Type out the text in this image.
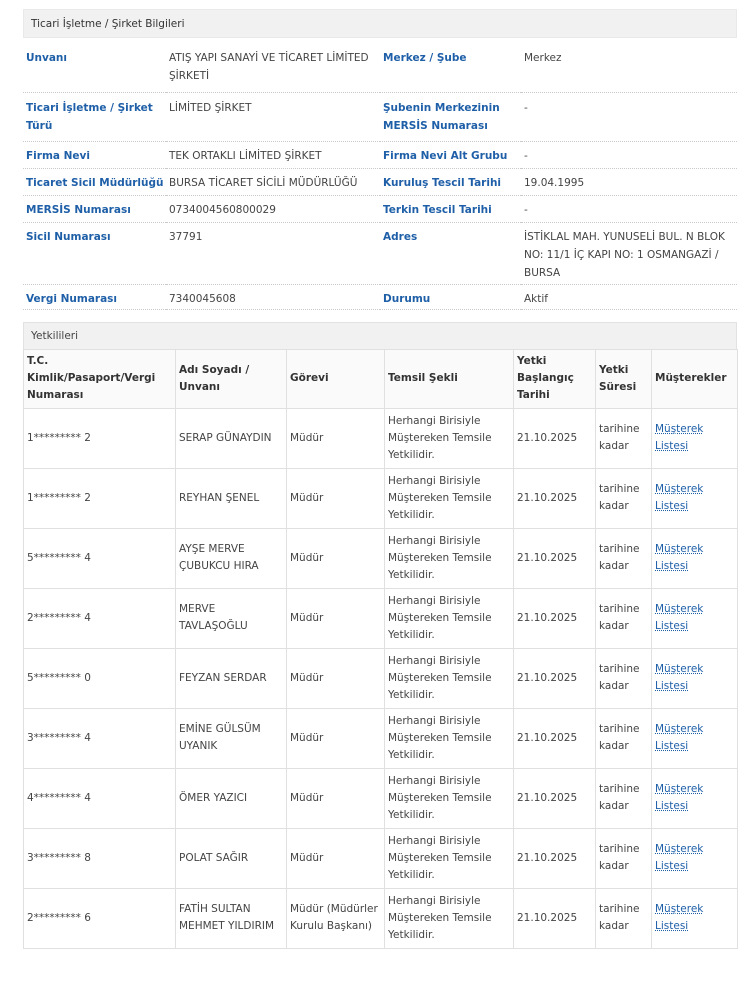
Ticari İşletme / Şirket Bilgileri
Unvanı	ATIŞ YAPI SANAYİ VE TİCARET LİMİTED ŞİRKETİ	Merkez / Şube	Merkez
Ticari İşletme / Şirket Türü	LİMİTED ŞİRKET	Şubenin Merkezinin MERSİS Numarası	-
Firma Nevi	TEK ORTAKLI LİMİTED ŞİRKET	Firma Nevi Alt Grubu	-
Ticaret Sicil Müdürlüğü	BURSA TİCARET SİCİLİ MÜDÜRLÜĞÜ	Kuruluş Tescil Tarihi	19.04.1995
MERSİS Numarası	0734004560800029	Terkin Tescil Tarihi	-
Sicil Numarası	37791	Adres	İSTİKLAL MAH. YUNUSELİ BUL. N BLOK NO: 11/1 İÇ KAPI NO: 1 OSMANGAZİ / BURSA
Vergi Numarası	7340045608	Durumu	Aktif
Yetkilileri
T.C. Kimlik/Pasaport/Vergi Numarası	Adı Soyadı / Unvanı	Görevi	Temsil Şekli	Yetki Başlangıç Tarihi	Yetki Süresi	Müşterekler
1********* 2	SERAP GÜNAYDIN	Müdür	Herhangi Birisiyle Müştereken Temsile Yetkilidir.	21.10.2025	tarihine kadar	Müşterek Listesi
1********* 2	REYHAN ŞENEL	Müdür	Herhangi Birisiyle Müştereken Temsile Yetkilidir.	21.10.2025	tarihine kadar	Müşterek Listesi
5********* 4	AYŞE MERVE ÇUBUKCU HIRA	Müdür	Herhangi Birisiyle Müştereken Temsile Yetkilidir.	21.10.2025	tarihine kadar	Müşterek Listesi
2********* 4	MERVE TAVLAŞOĞLU	Müdür	Herhangi Birisiyle Müştereken Temsile Yetkilidir.	21.10.2025	tarihine kadar	Müşterek Listesi
5********* 0	FEYZAN SERDAR	Müdür	Herhangi Birisiyle Müştereken Temsile Yetkilidir.	21.10.2025	tarihine kadar	Müşterek Listesi
3********* 4	EMİNE GÜLSÜM UYANIK	Müdür	Herhangi Birisiyle Müştereken Temsile Yetkilidir.	21.10.2025	tarihine kadar	Müşterek Listesi
4********* 4	ÖMER YAZICI	Müdür	Herhangi Birisiyle Müştereken Temsile Yetkilidir.	21.10.2025	tarihine kadar	Müşterek Listesi
3********* 8	POLAT SAĞIR	Müdür	Herhangi Birisiyle Müştereken Temsile Yetkilidir.	21.10.2025	tarihine kadar	Müşterek Listesi
2********* 6	FATİH SULTAN MEHMET YILDIRIM	Müdür (Müdürler Kurulu Başkanı)	Herhangi Birisiyle Müştereken Temsile Yetkilidir.	21.10.2025	tarihine kadar	Müşterek Listesi
